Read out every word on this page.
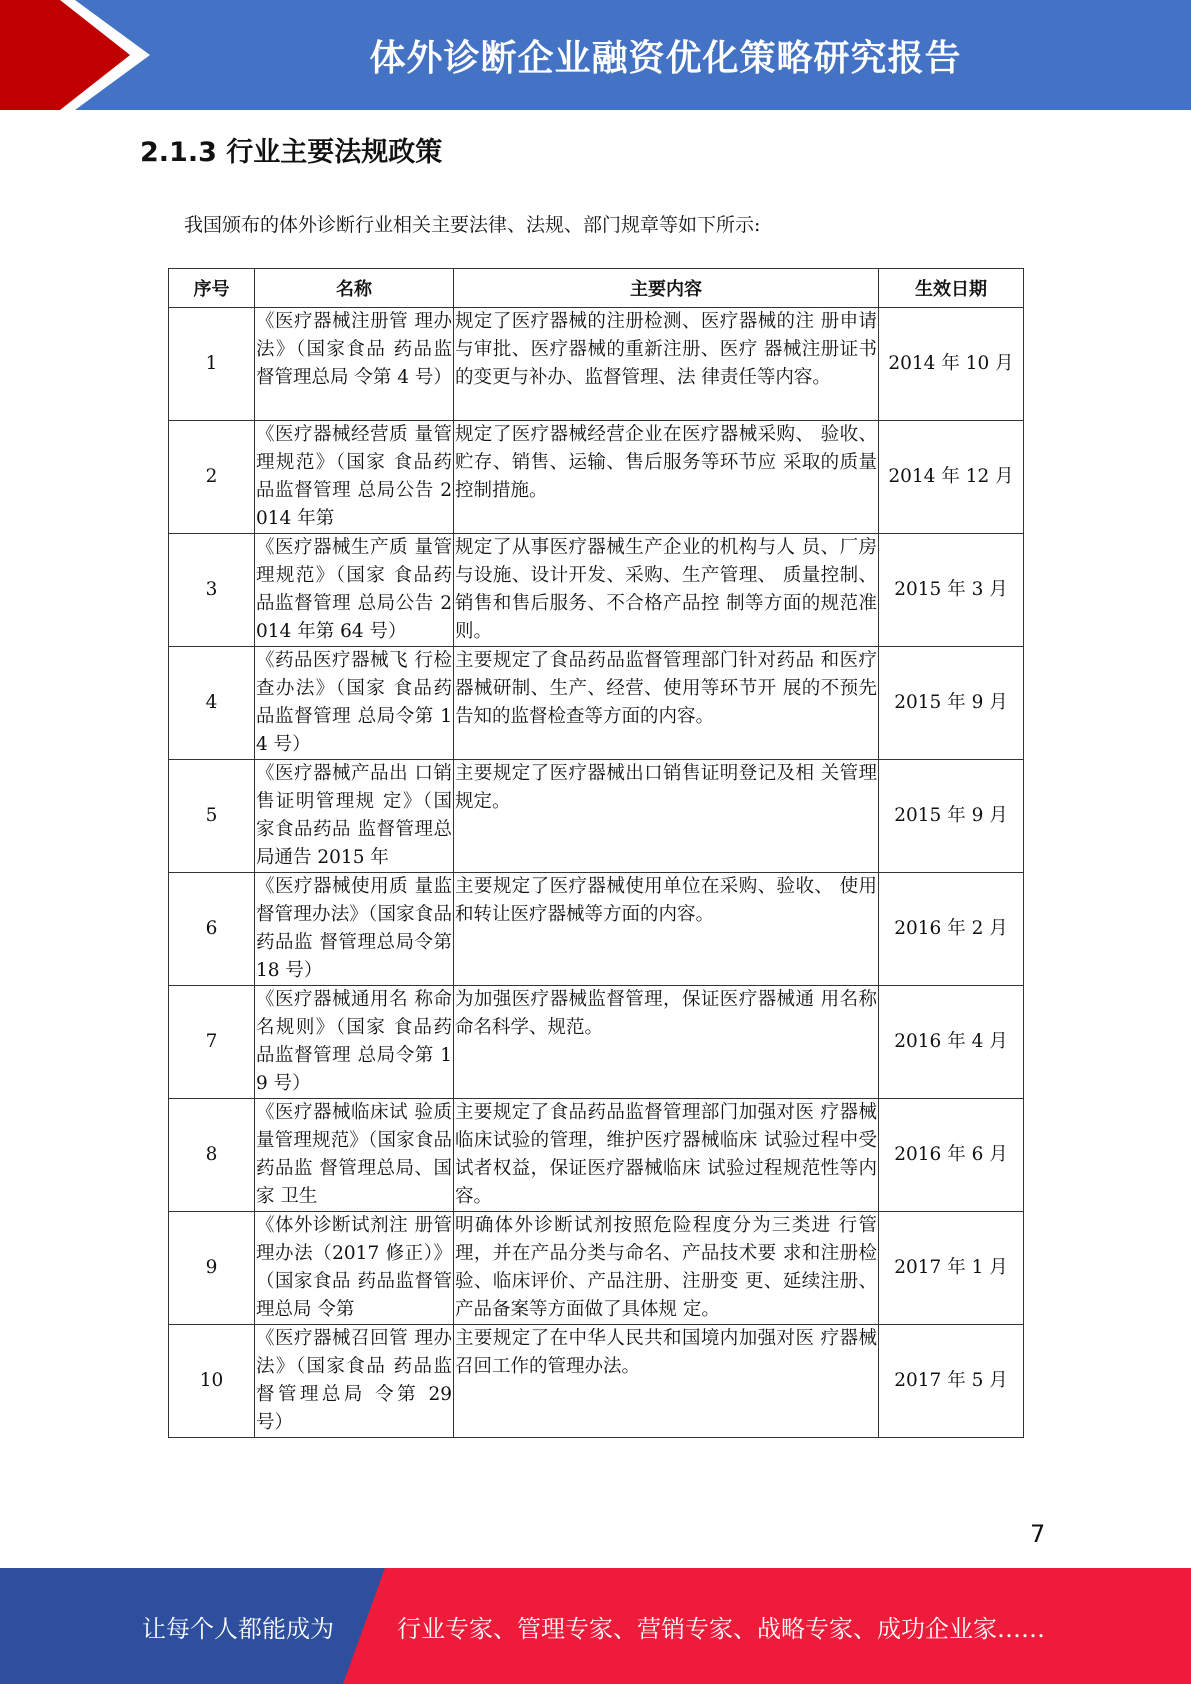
体外诊断企业融资优化策略研究报告
2.1.3 行业主要法规政策
我国颁布的体外诊断行业相关主要法律、法规、部门规章等如下所示:
序号	名称	主要内容	生效日期
1	《医疗器械注册管 理办法》（国家食品 药品监督管理总局 令第 4 号）	规定了医疗器械的注册检测、医疗器械的注 册申请与审批、医疗器械的重新注册、医疗 器械注册证书的变更与补办、监督管理、法 律责任等内容。	2014 年 10 月
2	《医疗器械经营质 量管理规范》（国家 食品药品监督管理 总局公告 2014 年第	规定了医疗器械经营企业在医疗器械采购、 验收、贮存、销售、运输、售后服务等环节应 采取的质量控制措施。	2014 年 12 月
3	《医疗器械生产质 量管理规范》（国家 食品药品监督管理 总局公告 2014 年第 64 号）	规定了从事医疗器械生产企业的机构与人 员、厂房与设施、设计开发、采购、生产管理、 质量控制、销售和售后服务、不合格产品控 制等方面的规范准则。	2015 年 3 月
4	《药品医疗器械飞 行检查办法》（国家 食品药品监督管理 总局令第 14 号）	主要规定了食品药品监督管理部门针对药品 和医疗器械研制、生产、经营、使用等环节开 展的不预先告知的监督检查等方面的内容。	2015 年 9 月
5	《医疗器械产品出 口销售证明管理规 定》（国家食品药品 监督管理总局通告 2015 年	主要规定了医疗器械出口销售证明登记及相 关管理规定。	2015 年 9 月
6	《医疗器械使用质 量监督管理办法》（国家食品药品监 督管理总局令第 18 号）	主要规定了医疗器械使用单位在采购、验收、 使用和转让医疗器械等方面的内容。	2016 年 2 月
7	《医疗器械通用名 称命名规则》（国家 食品药品监督管理 总局令第 19 号）	为加强医疗器械监督管理，保证医疗器械通 用名称命名科学、规范。	2016 年 4 月
8	《医疗器械临床试 验质量管理规范》（国家食品药品监 督管理总局、国家 卫生	主要规定了食品药品监督管理部门加强对医 疗器械临床试验的管理，维护医疗器械临床 试验过程中受试者权益，保证医疗器械临床 试验过程规范性等内容。	2016 年 6 月
9	《体外诊断试剂注 册管理办法（2017 修正）》（国家食品 药品监督管理总局 令第	明确体外诊断试剂按照危险程度分为三类进 行管理，并在产品分类与命名、产品技术要 求和注册检验、临床评价、产品注册、注册变 更、延续注册、产品备案等方面做了具体规 定。	2017 年 1 月
10	《医疗器械召回管 理办法》（国家食品 药品监督管理总局 令第 29 号）	主要规定了在中华人民共和国境内加强对医 疗器械召回工作的管理办法。	2017 年 5 月
7
让每个人都能成为	行业专家、管理专家、营销专家、战略专家、成功企业家……
